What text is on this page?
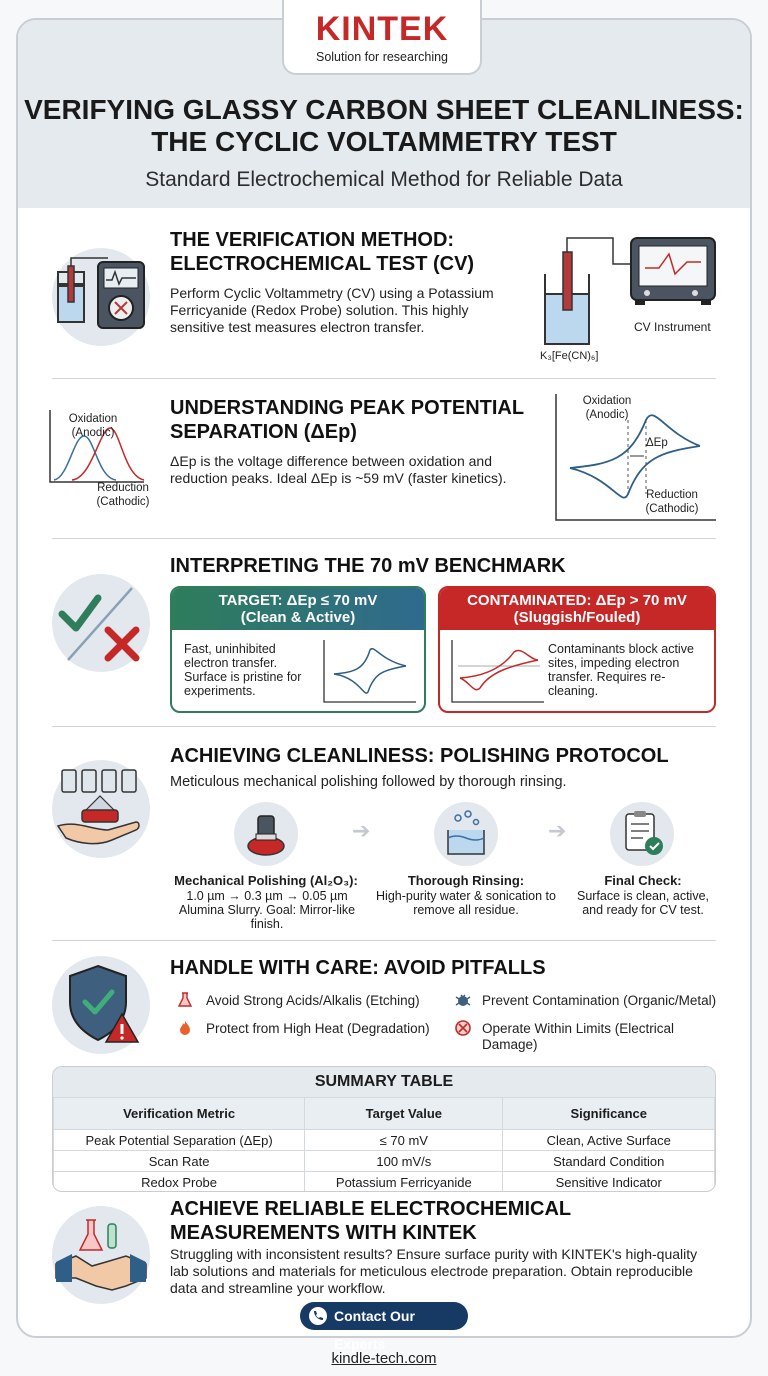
KINTEK
Solution for researching
VERIFYING GLASSY CARBON SHEET CLEANLINESS:
THE CYCLIC VOLTAMMETRY TEST
Standard Electrochemical Method for Reliable Data
THE VERIFICATION METHOD:
ELECTROCHEMICAL TEST (CV)
Perform Cyclic Voltammetry (CV) using a Potassium Ferricyanide (Redox Probe) solution. This highly sensitive test measures electron transfer.	CV Instrument
K₃[Fe(CN)₆]
Oxidation (Anodic)
Reduction (Cathodic)
UNDERSTANDING PEAK POTENTIAL
SEPARATION (ΔEp)
ΔEp is the voltage difference between oxidation and reduction peaks. Ideal ΔEp is ~59 mV (faster kinetics).
Oxidation (Anodic)
ΔEp
Reduction (Cathodic)
INTERPRETING THE 70 mV BENCHMARK
TARGET: ΔEp ≤ 70 mV
(Clean & Active)
Fast, uninhibited electron transfer. Surface is pristine for experiments.
CONTAMINATED: ΔEp > 70 mV
(Sluggish/Fouled)
Contaminants block active sites, impeding electron transfer. Requires re-cleaning.
ACHIEVING CLEANLINESS: POLISHING PROTOCOL
Meticulous mechanical polishing followed by thorough rinsing.
➔	➔
Mechanical Polishing (Al₂O₃):
1.0 µm → 0.3 µm → 0.05 µm Alumina Slurry. Goal: Mirror-like finish.
Thorough Rinsing:
High-purity water & sonication to remove all residue.
Final Check:
Surface is clean, active, and ready for CV test.
HANDLE WITH CARE: AVOID PITFALLS
Avoid Strong Acids/Alkalis (Etching)	Prevent Contamination (Organic/Metal)
Protect from High Heat (Degradation)	Operate Within Limits (Electrical Damage)
SUMMARY TABLE
Verification Metric	Target Value	Significance
Peak Potential Separation (ΔEp)	≤ 70 mV	Clean, Active Surface
Scan Rate	100 mV/s	Standard Condition
Redox Probe	Potassium Ferricyanide	Sensitive Indicator
ACHIEVE RELIABLE ELECTROCHEMICAL
MEASUREMENTS WITH KINTEK
Struggling with inconsistent results? Ensure surface purity with KINTEK's high-quality lab solutions and materials for meticulous electrode preparation. Obtain reproducible data and streamline your workflow.
Contact Our Experts
kindle-tech.com
